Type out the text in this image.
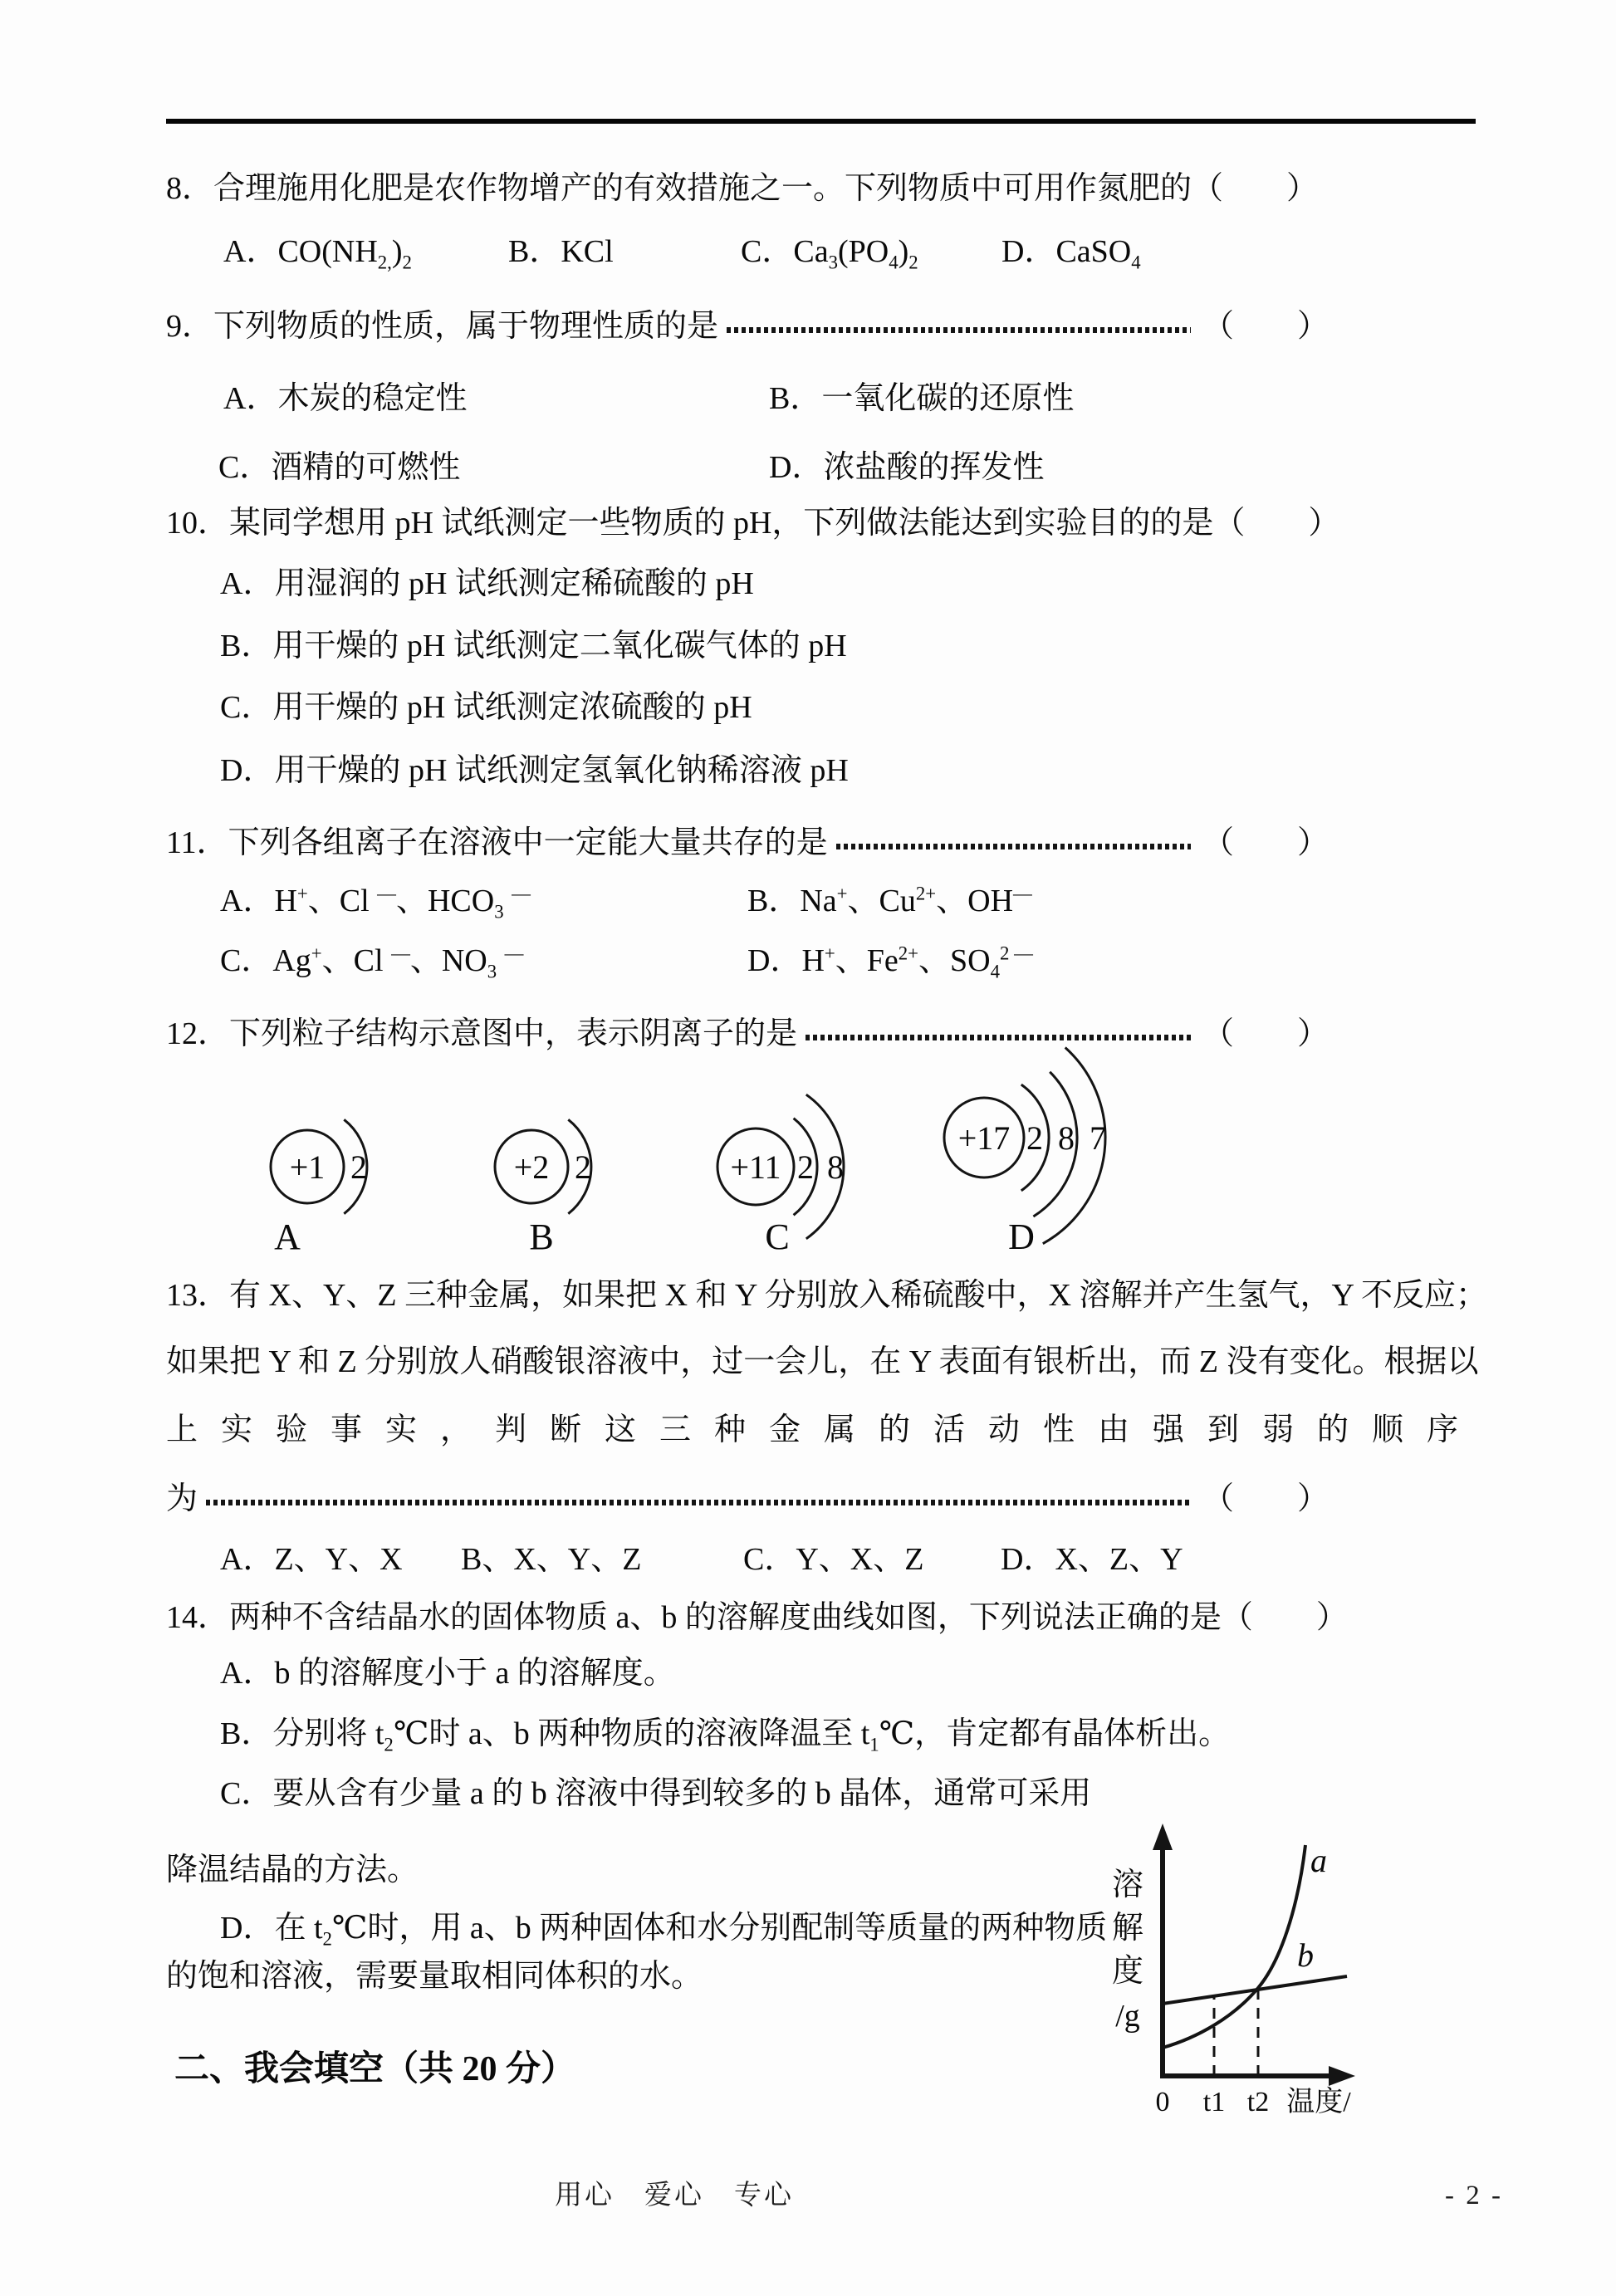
8．合理施用化肥是农作物增产的有效措施之一。下列物质中可用作氮肥的（　　）
A．$CO(NH_{2,})_2$	B．KCl	C．$Ca_3(PO_4)_2$	D．CaSO$_4$
9．下列物质的性质，属于物理性质的是	（　　）
A．木炭的稳定性	B．一氧化碳的还原性
C．酒精的可燃性	D．浓盐酸的挥发性
10．某同学想用 pH 试纸测定一些物质的 pH，下列做法能达到实验目的的是（　　）
A．用湿润的 pH 试纸测定稀硫酸的 pH
B．用干燥的 pH 试纸测定二氧化碳气体的 pH
C．用干燥的 pH 试纸测定浓硫酸的 pH
D．用干燥的 pH 试纸测定氢氧化钠稀溶液 pH
11．下列各组离子在溶液中一定能大量共存的是	（　　）
A．H+、Cl —、$HCO_3$ —	B．Na+、$Cu^{2+}$、OH—
C．Ag+、Cl —、$NO_3$ —	D．H+、$Fe^{2+}$、$SO_4^{2 —}$
12．下列粒子结构示意图中，表示阴离子的是	（　　）
+1 2
A
+2 2
B
+11 2 8
C
+17 2 8 7
D
13．有 X、Y、Z 三种金属，如果把 X 和 Y 分别放入稀硫酸中，X 溶解并产生氢气，Y 不反应；
如果把 Y 和 Z 分别放人硝酸银溶液中，过一会儿，在 Y 表面有银析出，而 Z 没有变化。根据以
上实验事实，判断这三种金属的活动性由强到弱的顺序
为	（　　）
A．Z、Y、X B、X、Y、Z	C．Y、X、Z D．X、Z、Y
14．两种不含结晶水的固体物质 a、b 的溶解度曲线如图，下列说法正确的是（　　）
A．b 的溶解度小于 a 的溶解度。
B．分别将 $t_2℃$时 a、b 两种物质的溶液降温至 $t_1℃$，肯定都有晶体析出。
C．要从含有少量 a 的 b 溶液中得到较多的 b 晶体，通常可采用
降温结晶的方法。
D．在 $t_2℃$时，用 a、b 两种固体和水分别配制等质量的两种物质
的饱和溶液，需要量取相同体积的水。
溶
解
度
/g
a
b
0 t1 t2 温度/
二、我会填空（共 20 分）
用心　爱心　专心	- 2 -
